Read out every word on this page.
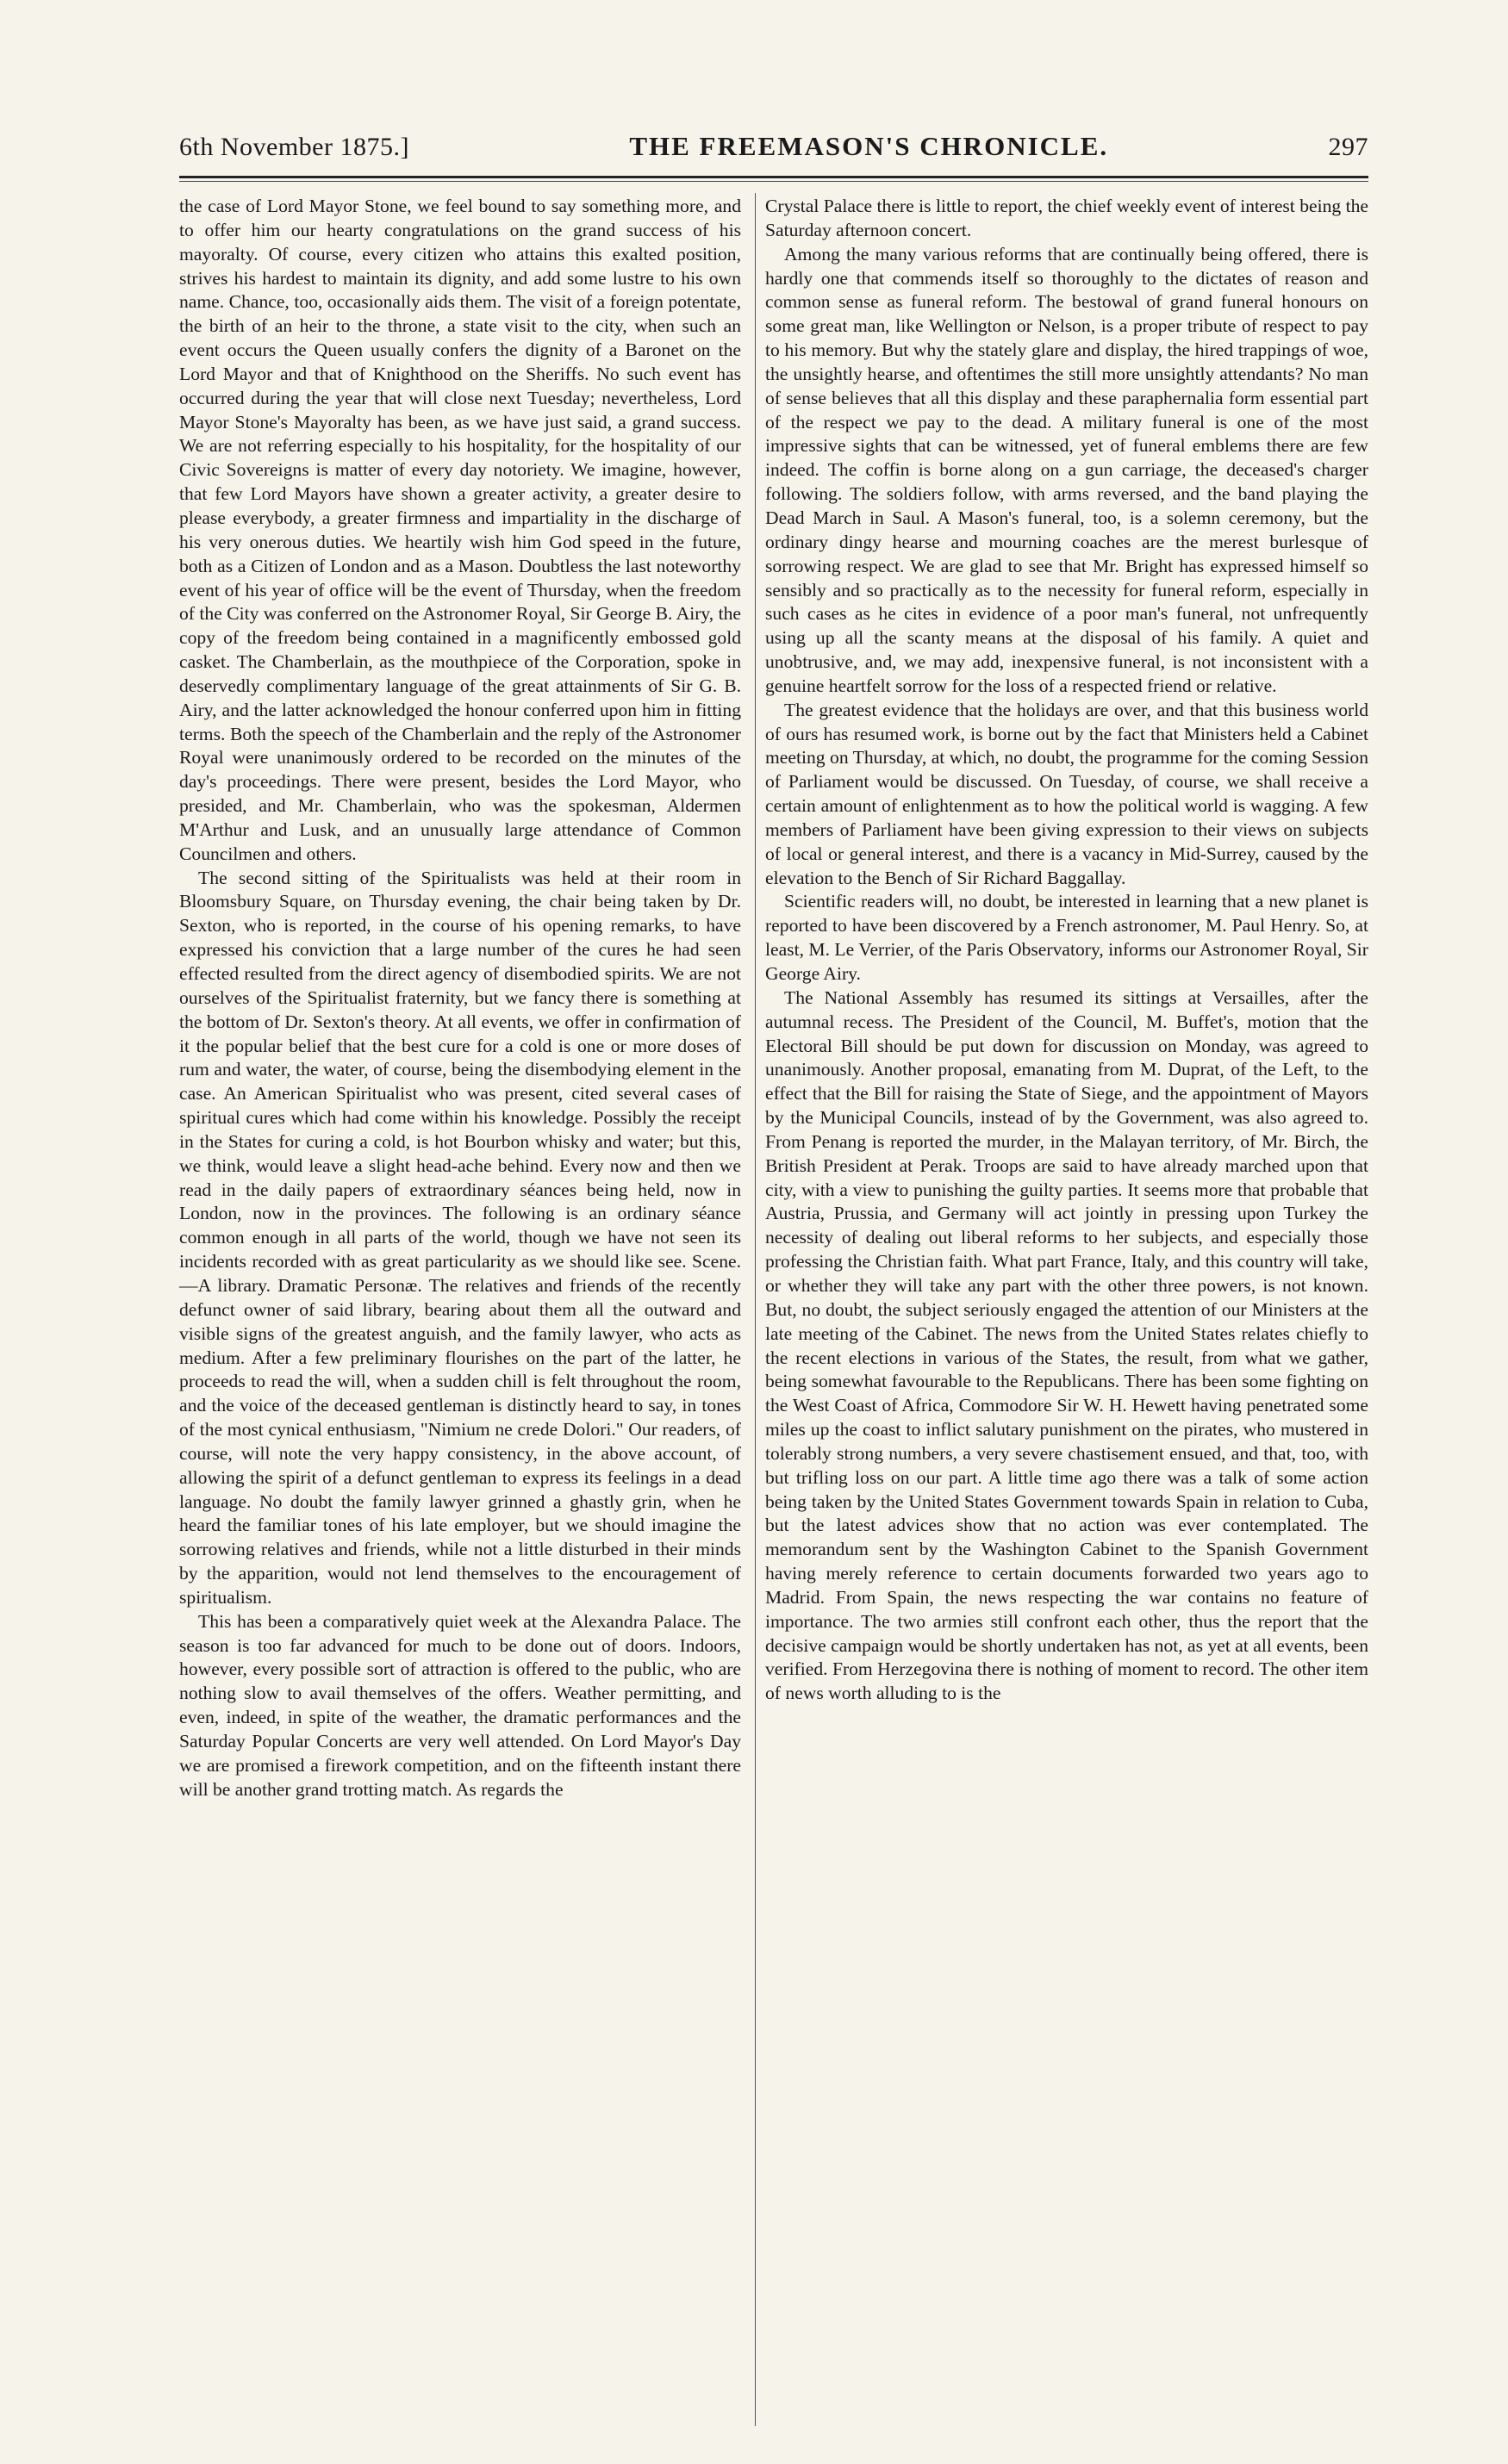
6th November 1875.]	THE FREEMASON'S CHRONICLE.	297

the case of Lord Mayor Stone, we feel bound to say something more, and to offer him our hearty congratulations on the grand success of his mayoralty. Of course, every citizen who attains this exalted position, strives his hardest to maintain its dignity, and add some lustre to his own name. Chance, too, occasionally aids them. The visit of a foreign potentate, the birth of an heir to the throne, a state visit to the city, when such an event occurs the Queen usually confers the dignity of a Baronet on the Lord Mayor and that of Knighthood on the Sheriffs. No such event has occurred during the year that will close next Tuesday; nevertheless, Lord Mayor Stone's Mayoralty has been, as we have just said, a grand success. We are not referring especially to his hospitality, for the hospitality of our Civic Sovereigns is matter of every day notoriety. We imagine, however, that few Lord Mayors have shown a greater activity, a greater desire to please everybody, a greater firmness and impartiality in the discharge of his very onerous duties. We heartily wish him God speed in the future, both as a Citizen of London and as a Mason. Doubtless the last noteworthy event of his year of office will be the event of Thursday, when the freedom of the City was conferred on the Astronomer Royal, Sir George B. Airy, the copy of the freedom being contained in a magnificently embossed gold casket. The Chamberlain, as the mouthpiece of the Corporation, spoke in deservedly complimentary language of the great attainments of Sir G. B. Airy, and the latter acknowledged the honour conferred upon him in fitting terms. Both the speech of the Chamberlain and the reply of the Astronomer Royal were unanimously ordered to be recorded on the minutes of the day's proceedings. There were present, besides the Lord Mayor, who presided, and Mr. Chamberlain, who was the spokesman, Aldermen M'Arthur and Lusk, and an unusually large attendance of Common Councilmen and others.

The second sitting of the Spiritualists was held at their room in Bloomsbury Square, on Thursday evening, the chair being taken by Dr. Sexton, who is reported, in the course of his opening remarks, to have expressed his conviction that a large number of the cures he had seen effected resulted from the direct agency of disembodied spirits. We are not ourselves of the Spiritualist fraternity, but we fancy there is something at the bottom of Dr. Sexton's theory. At all events, we offer in confirmation of it the popular belief that the best cure for a cold is one or more doses of rum and water, the water, of course, being the disembodying element in the case. An American Spiritualist who was present, cited several cases of spiritual cures which had come within his knowledge. Possibly the receipt in the States for curing a cold, is hot Bourbon whisky and water; but this, we think, would leave a slight head-ache behind. Every now and then we read in the daily papers of extraordinary séances being held, now in London, now in the provinces. The following is an ordinary séance common enough in all parts of the world, though we have not seen its incidents recorded with as great particularity as we should like see. Scene.—A library. Dramatic Personæ. The relatives and friends of the recently defunct owner of said library, bearing about them all the outward and visible signs of the greatest anguish, and the family lawyer, who acts as medium. After a few preliminary flourishes on the part of the latter, he proceeds to read the will, when a sudden chill is felt throughout the room, and the voice of the deceased gentleman is distinctly heard to say, in tones of the most cynical enthusiasm, "Nimium ne crede Dolori." Our readers, of course, will note the very happy consistency, in the above account, of allowing the spirit of a defunct gentleman to express its feelings in a dead language. No doubt the family lawyer grinned a ghastly grin, when he heard the familiar tones of his late employer, but we should imagine the sorrowing relatives and friends, while not a little disturbed in their minds by the apparition, would not lend themselves to the encouragement of spiritualism.

This has been a comparatively quiet week at the Alexandra Palace. The season is too far advanced for much to be done out of doors. Indoors, however, every possible sort of attraction is offered to the public, who are nothing slow to avail themselves of the offers. Weather permitting, and even, indeed, in spite of the weather, the dramatic performances and the Saturday Popular Concerts are very well attended. On Lord Mayor's Day we are promised a firework competition, and on the fifteenth instant there will be another grand trotting match. As regards the

Crystal Palace there is little to report, the chief weekly event of interest being the Saturday afternoon concert.

Among the many various reforms that are continually being offered, there is hardly one that commends itself so thoroughly to the dictates of reason and common sense as funeral reform. The bestowal of grand funeral honours on some great man, like Wellington or Nelson, is a proper tribute of respect to pay to his memory. But why the stately glare and display, the hired trappings of woe, the unsightly hearse, and oftentimes the still more unsightly attendants? No man of sense believes that all this display and these paraphernalia form essential part of the respect we pay to the dead. A military funeral is one of the most impressive sights that can be witnessed, yet of funeral emblems there are few indeed. The coffin is borne along on a gun carriage, the deceased's charger following. The soldiers follow, with arms reversed, and the band playing the Dead March in Saul. A Mason's funeral, too, is a solemn ceremony, but the ordinary dingy hearse and mourning coaches are the merest burlesque of sorrowing respect. We are glad to see that Mr. Bright has expressed himself so sensibly and so practically as to the necessity for funeral reform, especially in such cases as he cites in evidence of a poor man's funeral, not unfrequently using up all the scanty means at the disposal of his family. A quiet and unobtrusive, and, we may add, inexpensive funeral, is not inconsistent with a genuine heartfelt sorrow for the loss of a respected friend or relative.

The greatest evidence that the holidays are over, and that this business world of ours has resumed work, is borne out by the fact that Ministers held a Cabinet meeting on Thursday, at which, no doubt, the programme for the coming Session of Parliament would be discussed. On Tuesday, of course, we shall receive a certain amount of enlightenment as to how the political world is wagging. A few members of Parliament have been giving expression to their views on subjects of local or general interest, and there is a vacancy in Mid-Surrey, caused by the elevation to the Bench of Sir Richard Baggallay.

Scientific readers will, no doubt, be interested in learning that a new planet is reported to have been discovered by a French astronomer, M. Paul Henry. So, at least, M. Le Verrier, of the Paris Observatory, informs our Astronomer Royal, Sir George Airy.

The National Assembly has resumed its sittings at Versailles, after the autumnal recess. The President of the Council, M. Buffet's, motion that the Electoral Bill should be put down for discussion on Monday, was agreed to unanimously. Another proposal, emanating from M. Duprat, of the Left, to the effect that the Bill for raising the State of Siege, and the appointment of Mayors by the Municipal Councils, instead of by the Government, was also agreed to. From Penang is reported the murder, in the Malayan territory, of Mr. Birch, the British President at Perak. Troops are said to have already marched upon that city, with a view to punishing the guilty parties. It seems more that probable that Austria, Prussia, and Germany will act jointly in pressing upon Turkey the necessity of dealing out liberal reforms to her subjects, and especially those professing the Christian faith. What part France, Italy, and this country will take, or whether they will take any part with the other three powers, is not known. But, no doubt, the subject seriously engaged the attention of our Ministers at the late meeting of the Cabinet. The news from the United States relates chiefly to the recent elections in various of the States, the result, from what we gather, being somewhat favourable to the Republicans. There has been some fighting on the West Coast of Africa, Commodore Sir W. H. Hewett having penetrated some miles up the coast to inflict salutary punishment on the pirates, who mustered in tolerably strong numbers, a very severe chastisement ensued, and that, too, with but trifling loss on our part. A little time ago there was a talk of some action being taken by the United States Government towards Spain in relation to Cuba, but the latest advices show that no action was ever contemplated. The memorandum sent by the Washington Cabinet to the Spanish Government having merely reference to certain documents forwarded two years ago to Madrid. From Spain, the news respecting the war contains no feature of importance. The two armies still confront each other, thus the report that the decisive campaign would be shortly undertaken has not, as yet at all events, been verified. From Herzegovina there is nothing of moment to record. The other item of news worth alluding to is the
